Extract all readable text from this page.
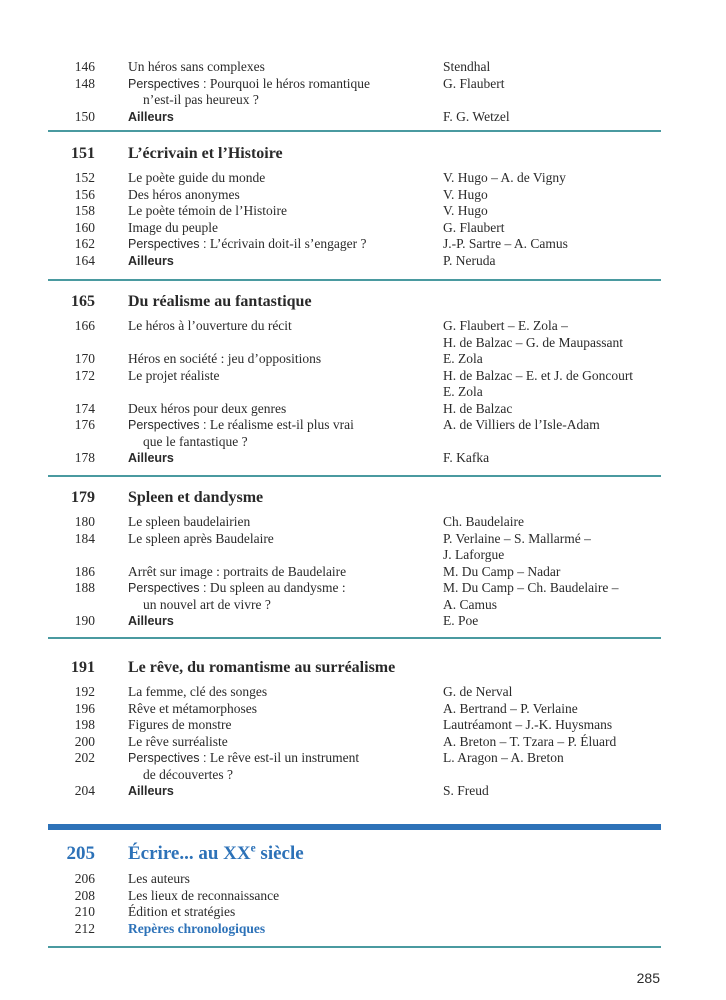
146 Un héros sans complexes	Stendhal
148	Perspectives : Pourquoi le héros romantique	G. Flaubert
n’est-il pas heureux ?
150	Ailleurs	F. G. Wetzel
151 L’écrivain et l’Histoire
152 Le poète guide du monde	V. Hugo – A. de Vigny
156 Des héros anonymes	V. Hugo
158 Le poète témoin de l’Histoire	V. Hugo
160 Image du peuple	G. Flaubert
162	Perspectives : L’écrivain doit-il s’engager ?	J.-P. Sartre – A. Camus
164	Ailleurs	P. Neruda
165 Du réalisme au fantastique
166 Le héros à l’ouverture du récit	G. Flaubert – E. Zola –
H. de Balzac – G. de Maupassant
170 Héros en société : jeu d’oppositions	E. Zola
172 Le projet réaliste	H. de Balzac – E. et J. de Goncourt
E. Zola
174 Deux héros pour deux genres	H. de Balzac
176	Perspectives : Le réalisme est-il plus vrai	A. de Villiers de l’Isle-Adam
que le fantastique ?
178	Ailleurs	F. Kafka
179 Spleen et dandysme
180 Le spleen baudelairien	Ch. Baudelaire
184 Le spleen après Baudelaire	P. Verlaine – S. Mallarmé –
J. Laforgue
186 Arrêt sur image : portraits de Baudelaire	M. Du Camp – Nadar
188	Perspectives : Du spleen au dandysme :	M. Du Camp – Ch. Baudelaire –
un nouvel art de vivre ?	A. Camus
190	Ailleurs	E. Poe
191 Le rêve, du romantisme au surréalisme
192 La femme, clé des songes	G. de Nerval
196 Rêve et métamorphoses	A. Bertrand – P. Verlaine
198 Figures de monstre	Lautréamont – J.-K. Huysmans
200 Le rêve surréaliste	A. Breton – T. Tzara – P. Éluard
202	Perspectives : Le rêve est-il un instrument	L. Aragon – A. Breton
de découvertes ?
204	Ailleurs	S. Freud
205 Écrire... au XXe siècle
206 Les auteurs
208 Les lieux de reconnaissance
210 Édition et stratégies
212 Repères chronologiques
285
